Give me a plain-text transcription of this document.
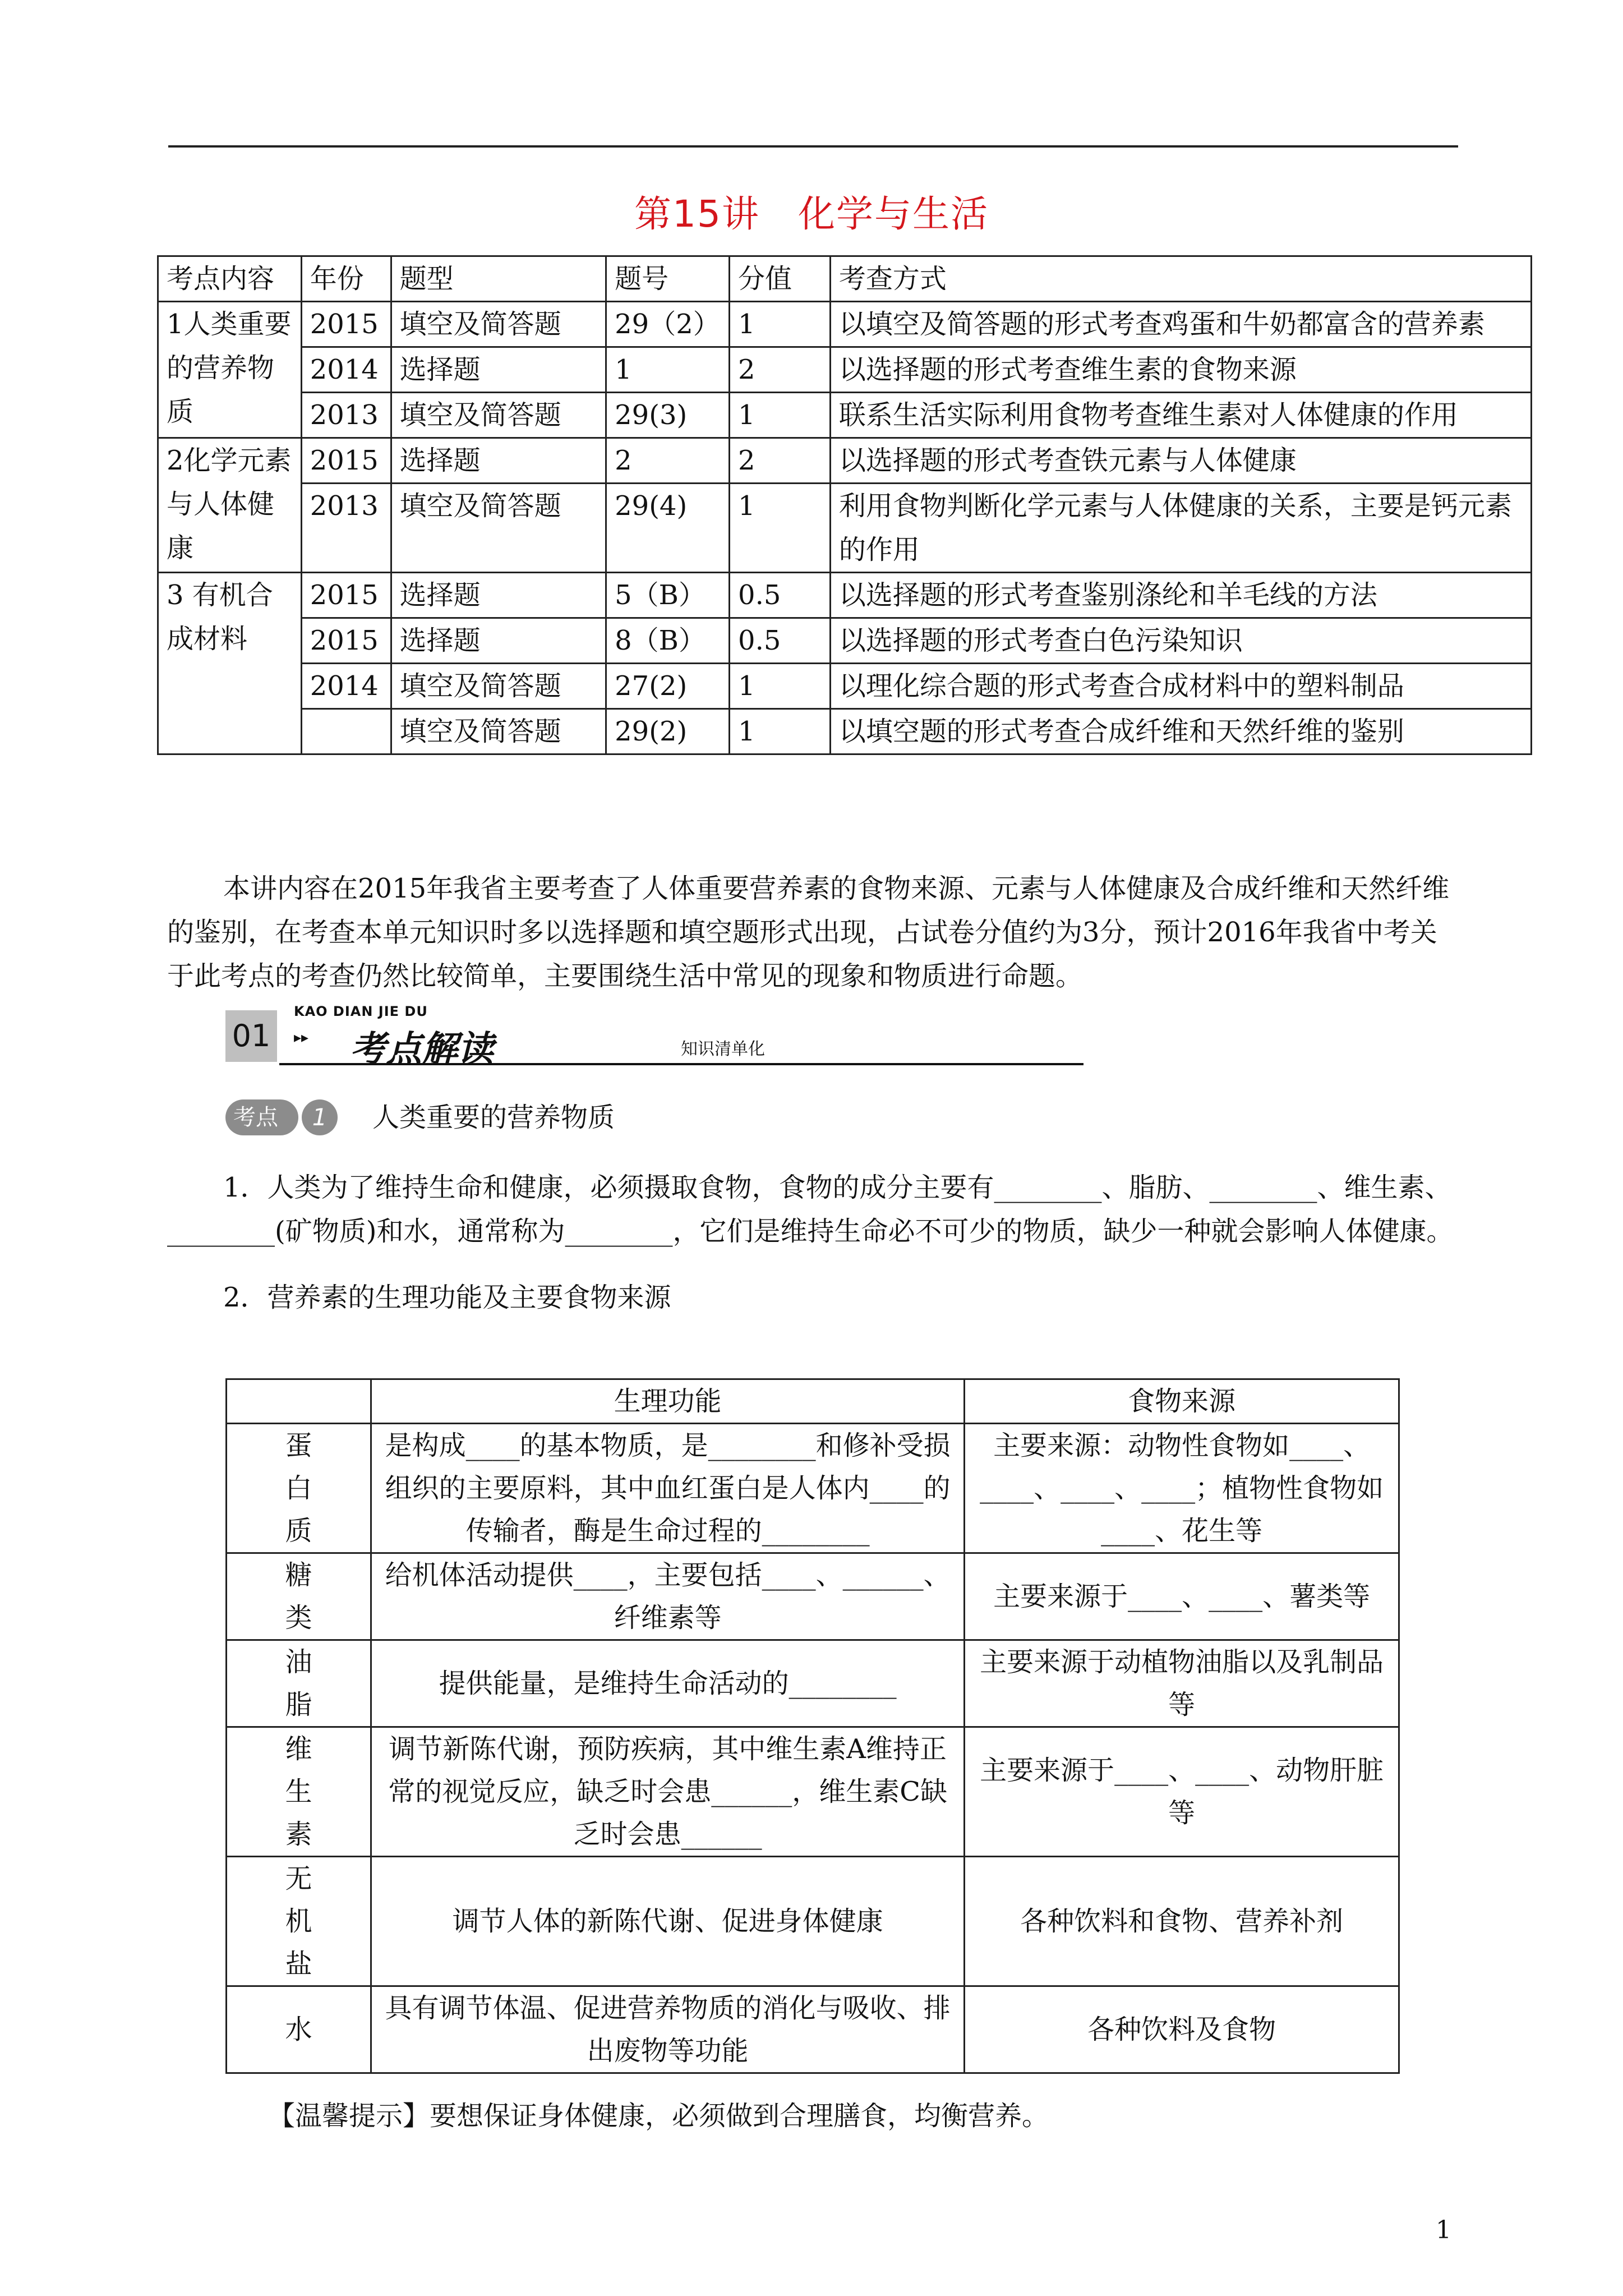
第15讲　化学与生活
考点内容	年份	题型	题号	分值	考查方式
1人类重要的营养物质	2015	填空及简答题	29（2）	1	以填空及简答题的形式考查鸡蛋和牛奶都富含的营养素
	2014	选择题	1	2	以选择题的形式考查维生素的食物来源
	2013	填空及简答题	29(3)	1	联系生活实际利用食物考查维生素对人体健康的作用
2化学元素与人体健康	2015	选择题	2	2	以选择题的形式考查铁元素与人体健康
	2013	填空及简答题	29(4)	1	利用食物判断化学元素与人体健康的关系，主要是钙元素的作用
3 有机合成材料	2015	选择题	5（B）	0.5	以选择题的形式考查鉴别涤纶和羊毛线的方法
	2015	选择题	8（B）	0.5	以选择题的形式考查白色污染知识
	2014	填空及简答题	27(2)	1	以理化综合题的形式考查合成材料中的塑料制品
		填空及简答题	29(2)	1	以填空题的形式考查合成纤维和天然纤维的鉴别
本讲内容在2015年我省主要考查了人体重要营养素的食物来源、元素与人体健康及合成纤维和天然纤维的鉴别，在考查本单元知识时多以选择题和填空题形式出现，占试卷分值约为3分，预计2016年我省中考关于此考点的考查仍然比较简单，主要围绕生活中常见的现象和物质进行命题。
01
KAO DIAN JIE DU
▸▸ 考点解读	知识清单化
考点	1	人类重要的营养物质
1．人类为了维持生命和健康，必须摄取食物，食物的成分主要有________、脂肪、________、维生素、________(矿物质)和水，通常称为________，它们是维持生命必不可少的物质，缺少一种就会影响人体健康。
2．营养素的生理功能及主要食物来源
	生理功能	食物来源
蛋白质	是构成____的基本物质，是________和修补受损组织的主要原料，其中血红蛋白是人体内____的传输者，酶是生命过程的________	主要来源：动物性食物如____、____、____、____；植物性食物如____、花生等
糖类	给机体活动提供____，主要包括____、______、纤维素等	主要来源于____、____、薯类等
油脂	提供能量，是维持生命活动的________	主要来源于动植物油脂以及乳制品等
维生素	调节新陈代谢，预防疾病，其中维生素A维持正常的视觉反应，缺乏时会患______，维生素C缺乏时会患______	主要来源于____、____、动物肝脏等
无机盐	调节人体的新陈代谢、促进身体健康	各种饮料和食物、营养补剂
水	具有调节体温、促进营养物质的消化与吸收、排出废物等功能	各种饮料及食物
【温馨提示】要想保证身体健康，必须做到合理膳食，均衡营养。
1
